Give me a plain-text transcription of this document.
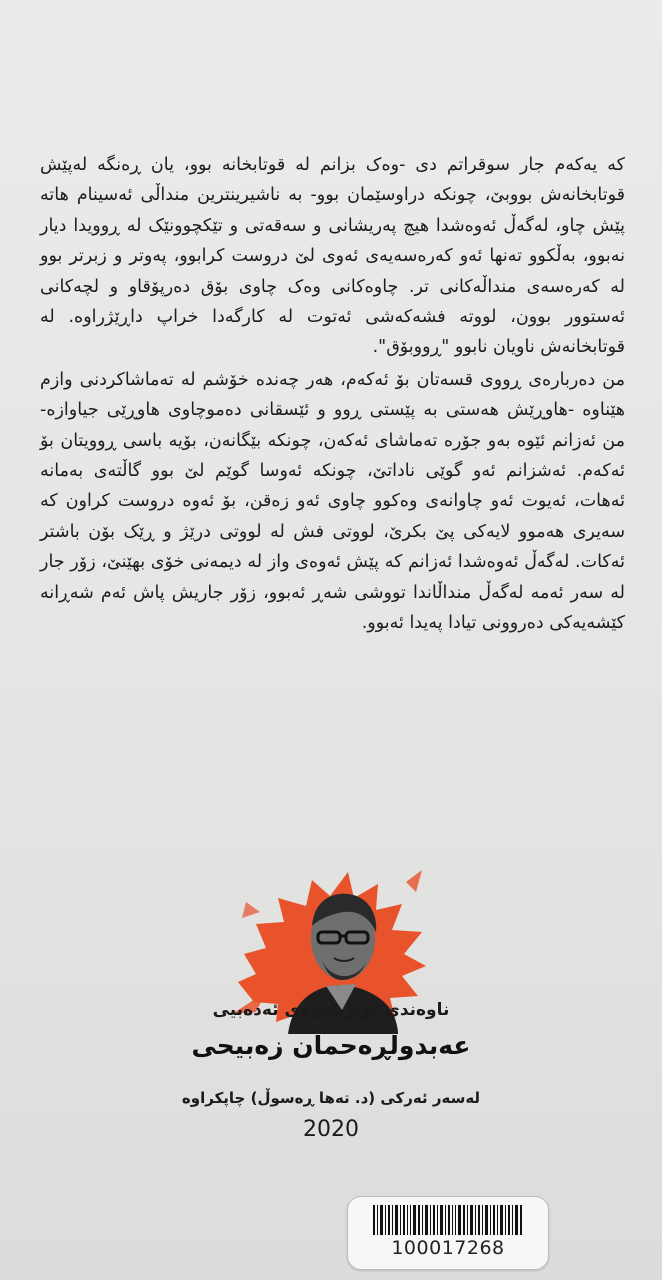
که یه‌که‌م جار سوقراتم دی -وه‌ک بزانم له‌ قوتابخانه‌ بوو، یان ڕه‌نگه‌ له‌پێش قوتابخانه‌ش بووبێ، چونکه‌ دراوسێمان بوو- به‌ ناشیرینترین منداڵی ئه‌سینام هاته‌ پێش چاو، له‌گه‌ڵ ئه‌وه‌شدا هیچ په‌ریشانی و سه‌قه‌تی و تێکچوونێک له‌ ڕوویدا دیار نه‌بوو، به‌ڵکوو ته‌نها ئه‌و که‌ره‌سه‌یه‌ی ئه‌وی لێ دروست کرابوو، په‌وتر و زبرتر بوو له‌ که‌ره‌سه‌ی منداڵه‌کانی تر. چاوه‌کانی وه‌ک چاوی بۆق ده‌رپۆقاو و لچه‌کانی ئه‌ستوور بوون، لووته‌ فشه‌که‌شی ئه‌توت له‌ کارگه‌دا خراپ داڕێژراوه‌. له‌ قوتابخانه‌ش ناویان نابوو "ڕووبۆق".

من ده‌رباره‌ی ڕووی قسه‌تان بۆ ئه‌که‌م، هه‌ر چه‌نده‌ خۆشم له‌ ته‌ماشاکردنی وازم هێناوه‌ -هاوڕێش هه‌ستی به‌ پێستی ڕوو و ئێسقانی ده‌موچاوی هاوڕێی جیاوازه‌- من ئه‌زانم ئێوه‌ به‌و جۆره‌ ته‌ماشای ئه‌که‌ن، چونکه‌ بێگانه‌ن، بۆیه‌ باسی ڕوویتان بۆ ئه‌که‌م. ئه‌شزانم ئه‌و گوێی ناداتێ، چونکه‌ ئه‌وسا گوێم لێ بوو گاڵته‌ی به‌مانه‌ ئه‌هات، ئه‌یوت ئه‌و چاوانه‌ی وه‌کوو چاوی ئه‌و زه‌قن، بۆ ئه‌وه‌ دروست کراون که‌ سه‌یری هه‌موو لایه‌کی پێ بکرێ، لووتی فش له‌ لووتی درێژ و ڕێک بۆن باشتر ئه‌کات. له‌گه‌ڵ ئه‌وه‌شدا ئه‌زانم که‌ پێش ئه‌وه‌ی واز له‌ دیمه‌نی خۆی بهێنێ، زۆر جار له‌ سه‌ر ئه‌مه‌ له‌گه‌ڵ منداڵاندا تووشی شه‌ڕ ئه‌بوو، زۆر جاریش پاش ئه‌م شه‌ڕانه‌ کێشه‌یه‌کی ده‌روونی تیادا په‌یدا ئه‌بوو.

ناوه‌ندی توێژینه‌وه‌ی ئه‌ده‌بیی
عه‌بدولڕه‌حمان زه‌بیحی
له‌سه‌ر ئه‌رکی (د. ته‌ها ڕه‌سوڵ) چاپکراوه‌
2020
100017268
